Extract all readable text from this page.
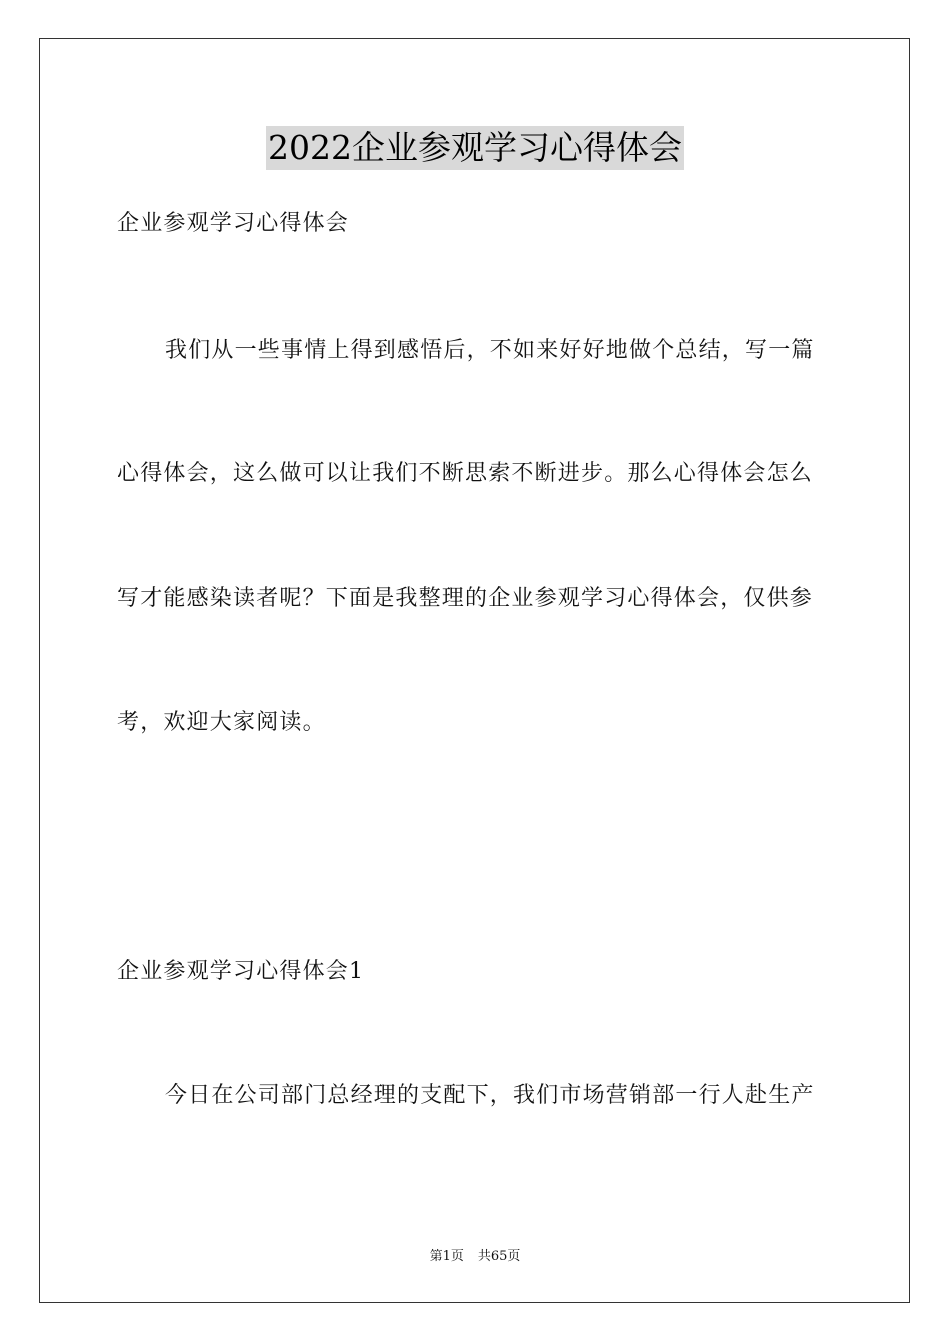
2022企业参观学习心得体会
企业参观学习心得体会
我们从一些事情上得到感悟后，不如来好好地做个总结，写一篇
心得体会，这么做可以让我们不断思索不断进步。那么心得体会怎么
写才能感染读者呢？下面是我整理的企业参观学习心得体会，仅供参
考，欢迎大家阅读。
企业参观学习心得体会1
今日在公司部门总经理的支配下，我们市场营销部一行人赴生产
第1页 共65页
